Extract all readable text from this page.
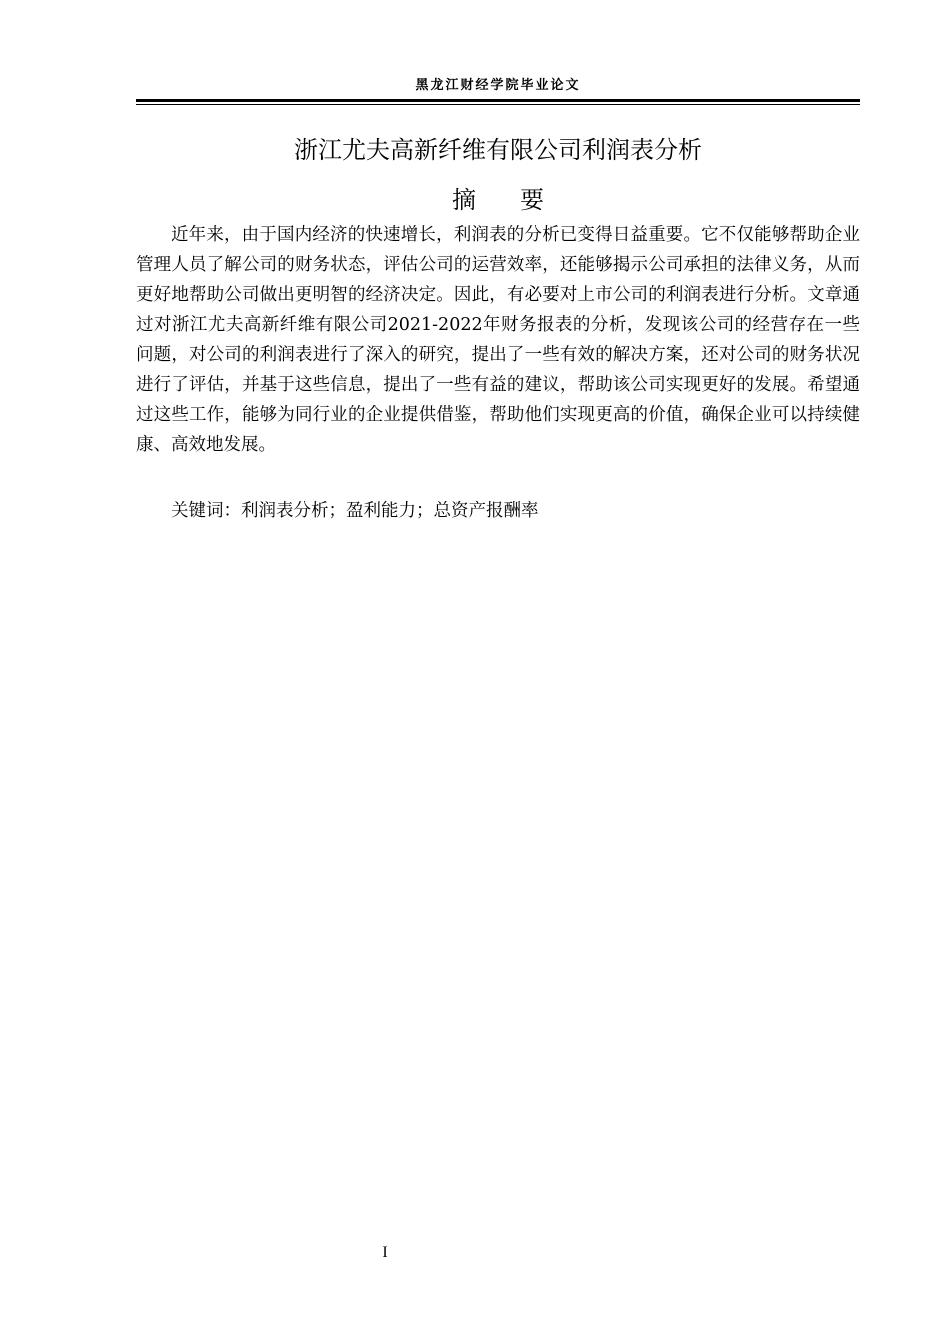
黑龙江财经学院毕业论文
浙江尤夫高新纤维有限公司利润表分析
摘 要

近年来，由于国内经济的快速增长，利润表的分析已变得日益重要。它不仅能够帮助企业管理人员了解公司的财务状态，评估公司的运营效率，还能够揭示公司承担的法律义务，从而更好地帮助公司做出更明智的经济决定。因此，有必要对上市公司的利润表进行分析。文章通过对浙江尤夫高新纤维有限公司2021-2022年财务报表的分析，发现该公司的经营存在一些问题，对公司的利润表进行了深入的研究，提出了一些有效的解决方案，还对公司的财务状况进行了评估，并基于这些信息，提出了一些有益的建议，帮助该公司实现更好的发展。希望通过这些工作，能够为同行业的企业提供借鉴，帮助他们实现更高的价值，确保企业可以持续健康、高效地发展。

关键词：利润表分析；盈利能力；总资产报酬率
I
